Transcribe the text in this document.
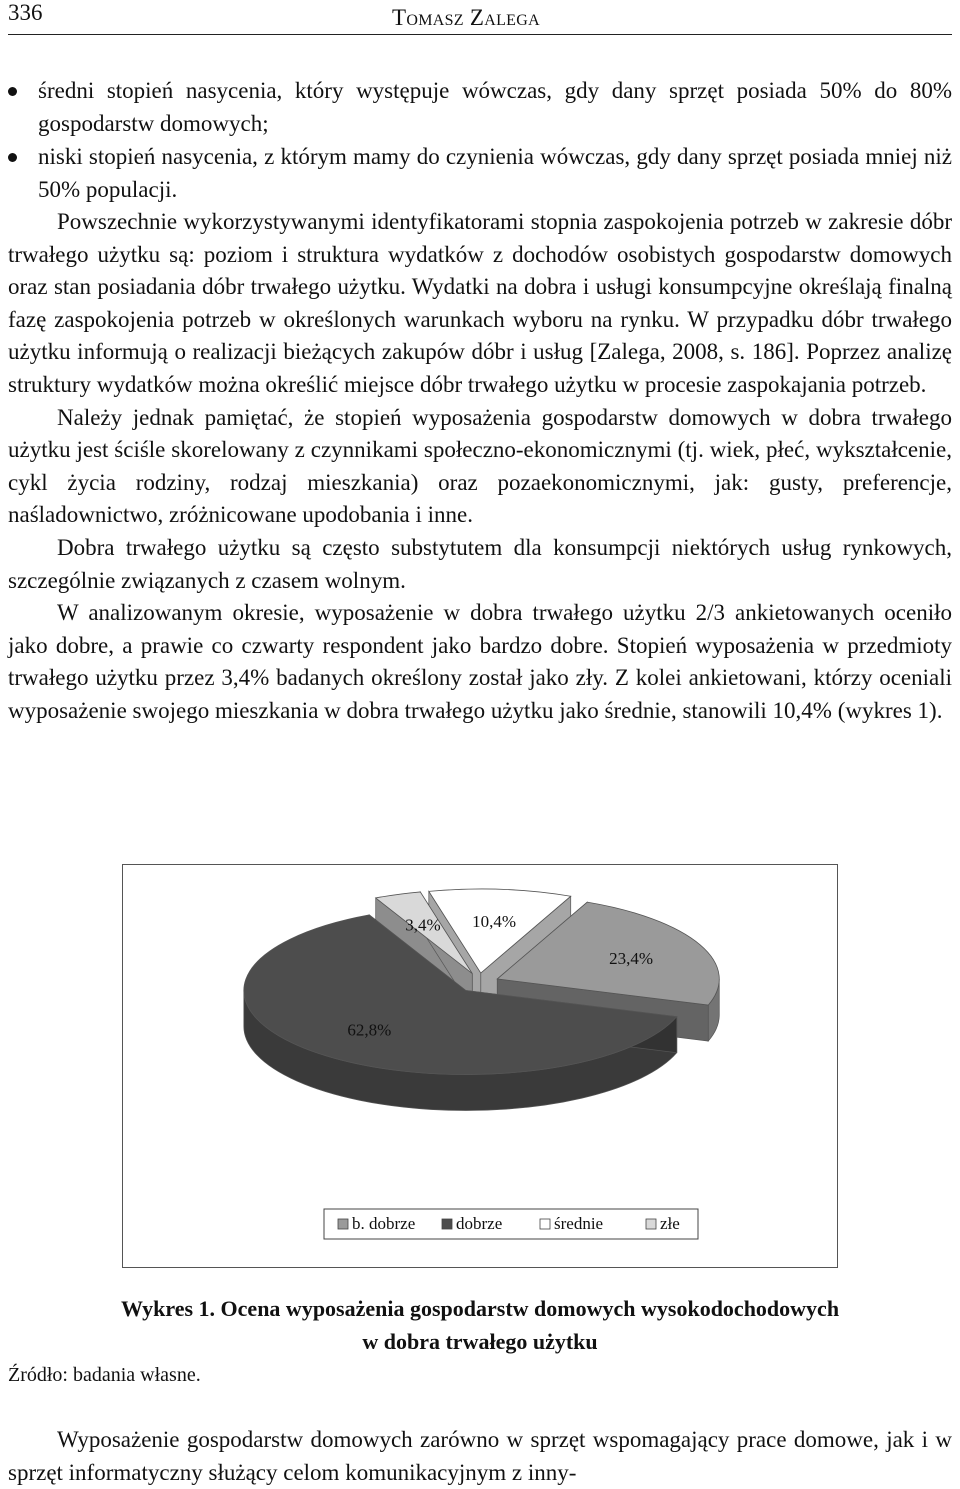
336	Tomasz Zalega
średni stopień nasycenia, który występuje wówczas, gdy dany sprzęt posiada 50% do 80% gospodarstw domowych;
niski stopień nasycenia, z którym mamy do czynienia wówczas, gdy dany sprzęt posiada mniej niż 50% populacji.

Powszechnie wykorzystywanymi identyfikatorami stopnia zaspokojenia potrzeb w zakresie dóbr trwałego użytku są: poziom i struktura wydatków z dochodów osobistych gospodarstw domowych oraz stan posiadania dóbr trwałego użytku. Wydatki na dobra i usługi konsumpcyjne określają finalną fazę zaspokojenia potrzeb w określonych warunkach wyboru na rynku. W przypadku dóbr trwałego użytku informują o realizacji bieżących zakupów dóbr i usług [Zalega, 2008, s. 186]. Poprzez analizę struktury wydatków można określić miejsce dóbr trwałego użytku w procesie zaspokajania potrzeb.

Należy jednak pamiętać, że stopień wyposażenia gospodarstw domowych w dobra trwałego użytku jest ściśle skorelowany z czynnikami społeczno-ekonomicznymi (tj. wiek, płeć, wykształcenie, cykl życia rodziny, rodzaj mieszkania) oraz pozaekonomicznymi, jak: gusty, preferencje, naśladownictwo, zróżnicowane upodobania i inne.

Dobra trwałego użytku są często substytutem dla konsumpcji niektórych usług rynkowych, szczególnie związanych z czasem wolnym.

W analizowanym okresie, wyposażenie w dobra trwałego użytku 2/3 ankietowanych oceniło jako dobre, a prawie co czwarty respondent jako bardzo dobre. Stopień wyposażenia w przedmioty trwałego użytku przez 3,4% badanych określony został jako zły. Z kolei ankietowani, którzy oceniali wyposażenie swojego mieszkania w dobra trwałego użytku jako średnie, stanowili 10,4% (wykres 1).

10,4%
3,4%
23,4%
62,8%
b. dobrze dobrze	średnie	złe
Wykres 1. Ocena wyposażenia gospodarstw domowych wysokodochodowych
w dobra trwałego użytku
Źródło: badania własne.

Wyposażenie gospodarstw domowych zarówno w sprzęt wspomagający prace domowe, jak i w sprzęt informatyczny służący celom komunikacyjnym z inny-
